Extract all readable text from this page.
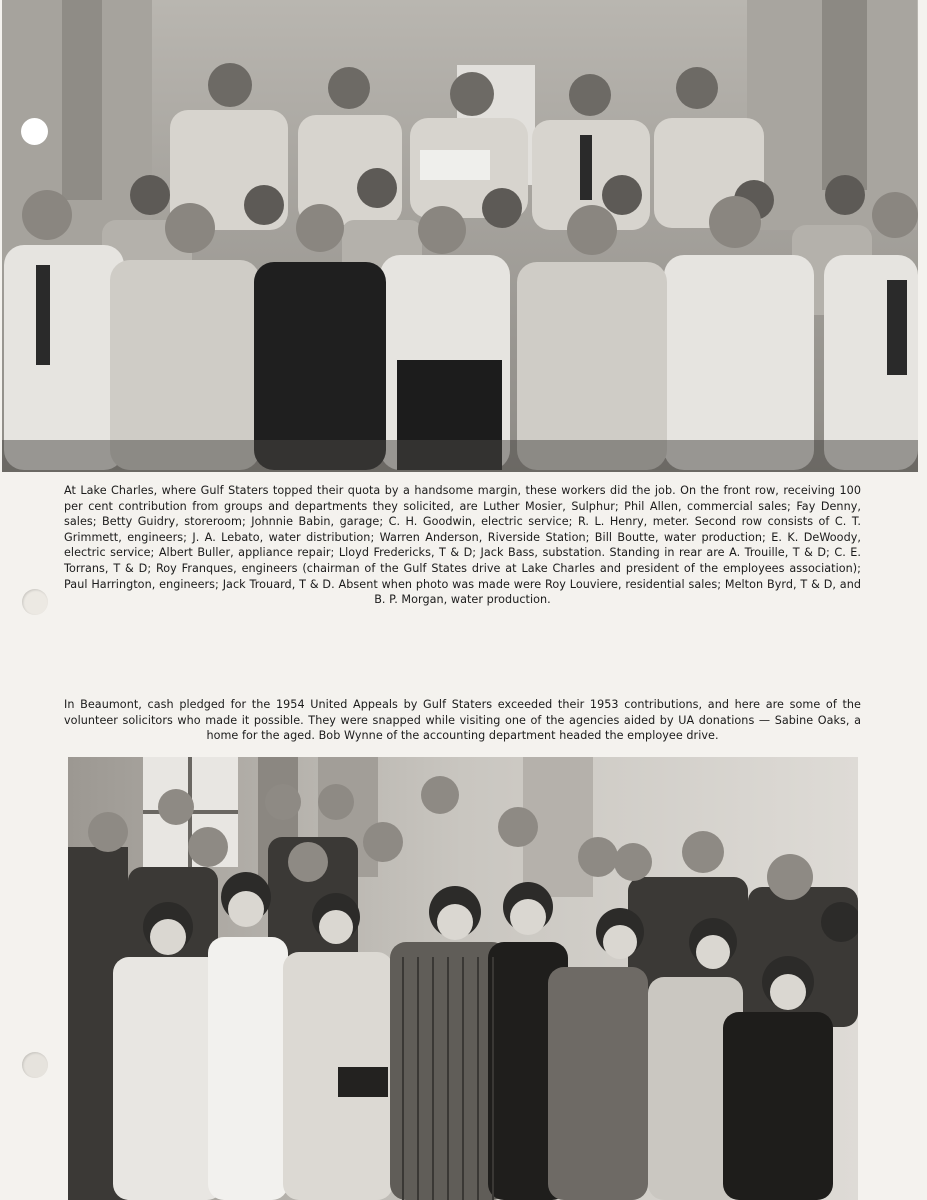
At Lake Charles, where Gulf Staters topped their quota by a handsome margin, these workers did the job. On the front row, receiving 100 per cent contribution from groups and departments they solicited, are Luther Mosier, Sulphur; Phil Allen, commercial sales; Fay Denny, sales; Betty Guidry, storeroom; Johnnie Babin, garage; C. H. Goodwin, electric service; R. L. Henry, meter. Second row consists of C. T. Grimmett, engineers; J. A. Lebato, water distribution; Warren Anderson, Riverside Station; Bill Boutte, water production; E. K. DeWoody, electric service; Albert Buller, appliance repair; Lloyd Fredericks, T & D; Jack Bass, substation. Standing in rear are A. Trouille, T & D; C. E. Torrans, T & D; Roy Franques, engineers (chairman of the Gulf States drive at Lake Charles and president of the employees association); Paul Harrington, engineers; Jack Trouard, T & D. Absent when photo was made were Roy Louviere, residential sales; Melton Byrd, T & D, and B. P. Morgan, water production.

In Beaumont, cash pledged for the 1954 United Appeals by Gulf Staters exceeded their 1953 contributions, and here are some of the volunteer solicitors who made it possible. They were snapped while visiting one of the agencies aided by UA donations — Sabine Oaks, a home for the aged. Bob Wynne of the accounting department headed the employee drive.
